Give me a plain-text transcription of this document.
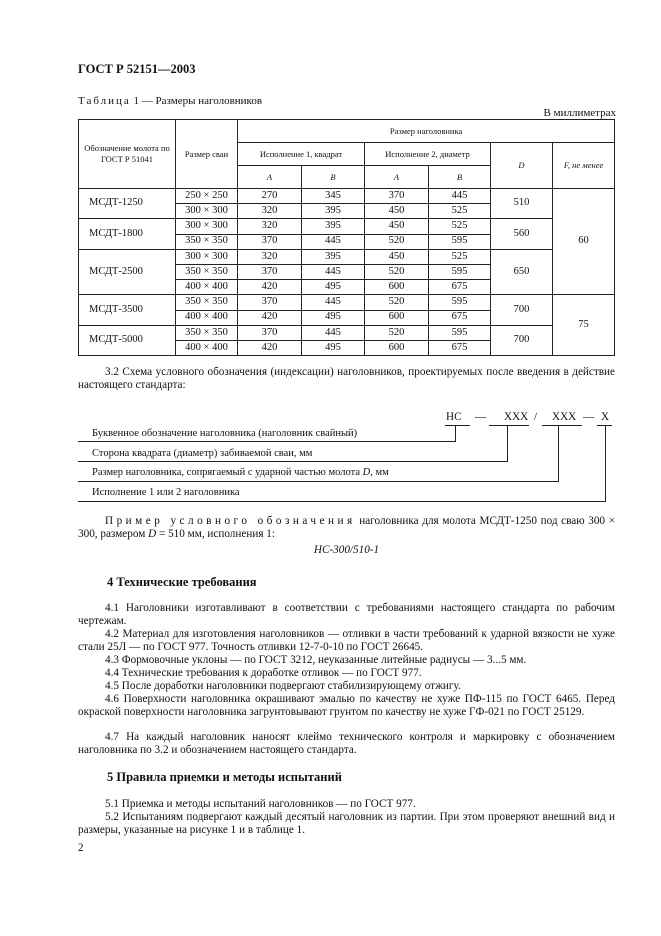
ГОСТ Р 52151—2003
Таблица 1 — Размеры наголовников
В миллиметрах
Обозначение молота по ГОСТ Р 51041	Размер сваи	Размер наголовника					
		Исполнение 1, квадрат		Исполнение 2, диаметр		D	F, не менее
		А	В	А	В		
МСДТ-1250	250 × 250	270	345	370	445	510	60
	300 × 300	320	395	450	525		
МСДТ-1800	300 × 300	320	395	450	525	560	
	350 × 350	370	445	520	595		
МСДТ-2500	300 × 300	320	395	450	525	650	
	350 × 350	370	445	520	595		
	400 × 400	420	495	600	675		
МСДТ-3500	350 × 350	370	445	520	595	700	75
	400 × 400	420	495	600	675		
МСДТ-5000	350 × 350	370	445	520	595	700	
	400 × 400	420	495	600	675		
3.2 Схема условного обозначения (индексации) наголовников, проектируемых после введения в действие настоящего стандарта:
НС — ХХХ / ХХХ — Х
Буквенное обозначение наголовника (наголовник свайный)
Сторона квадрата (диаметр) забиваемой сваи, мм
Размер наголовника, сопрягаемый с ударной частью молота D, мм
Исполнение 1 или 2 наголовника
Пример условного обозначения наголовника для молота МСДТ-1250 под сваю 300 × 300, размером D = 510 мм, исполнения 1:
НС-300/510-1
4 Технические требования
4.1 Наголовники изготавливают в соответствии с требованиями настоящего стандарта по рабочим чертежам.
4.2 Материал для изготовления наголовников — отливки в части требований к ударной вязкости не хуже стали 25Л — по ГОСТ 977. Точность отливки 12-7-0-10 по ГОСТ 26645.
4.3 Формовочные уклоны — по ГОСТ 3212, неуказанные литейные радиусы — 3...5 мм.
4.4 Технические требования к доработке отливок — по ГОСТ 977.
4.5 После доработки наголовники подвергают стабилизирующему отжигу.
4.6 Поверхности наголовника окрашивают эмалью по качеству не хуже ПФ-115 по ГОСТ 6465. Перед окраской поверхности наголовника загрунтовывают грунтом по качеству не хуже ГФ-021 по ГОСТ 25129.
4.7 На каждый наголовник наносят клеймо технического контроля и маркировку с обозначением наголовника по 3.2 и обозначением настоящего стандарта.
5 Правила приемки и методы испытаний
5.1 Приемка и методы испытаний наголовников — по ГОСТ 977.
5.2 Испытаниям подвергают каждый десятый наголовник из партии. При этом проверяют внешний вид и размеры, указанные на рисунке 1 и в таблице 1.
2
